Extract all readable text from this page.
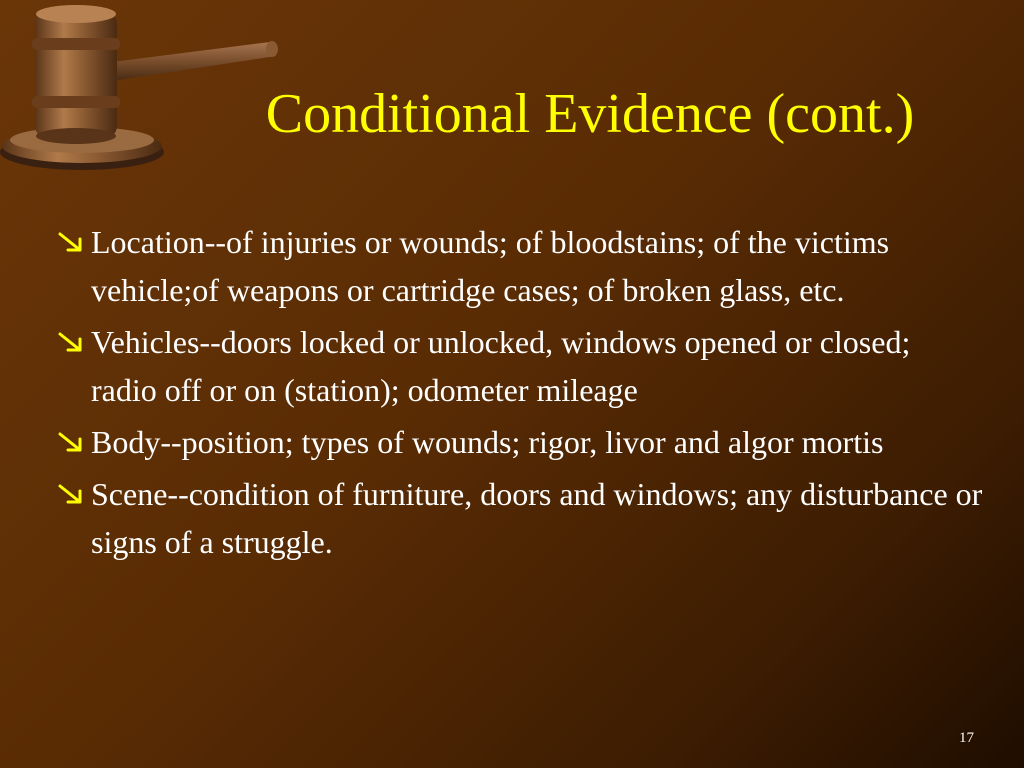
Conditional Evidence (cont.)
Location--of injuries or wounds; of bloodstains; of the victims vehicle;of weapons or cartridge cases; of broken glass, etc.
Vehicles--doors locked or unlocked, windows opened or closed; radio off or on (station); odometer mileage
Body--position; types of wounds; rigor, livor and algor mortis
Scene--condition of furniture, doors and windows; any disturbance or signs of a struggle.
17
